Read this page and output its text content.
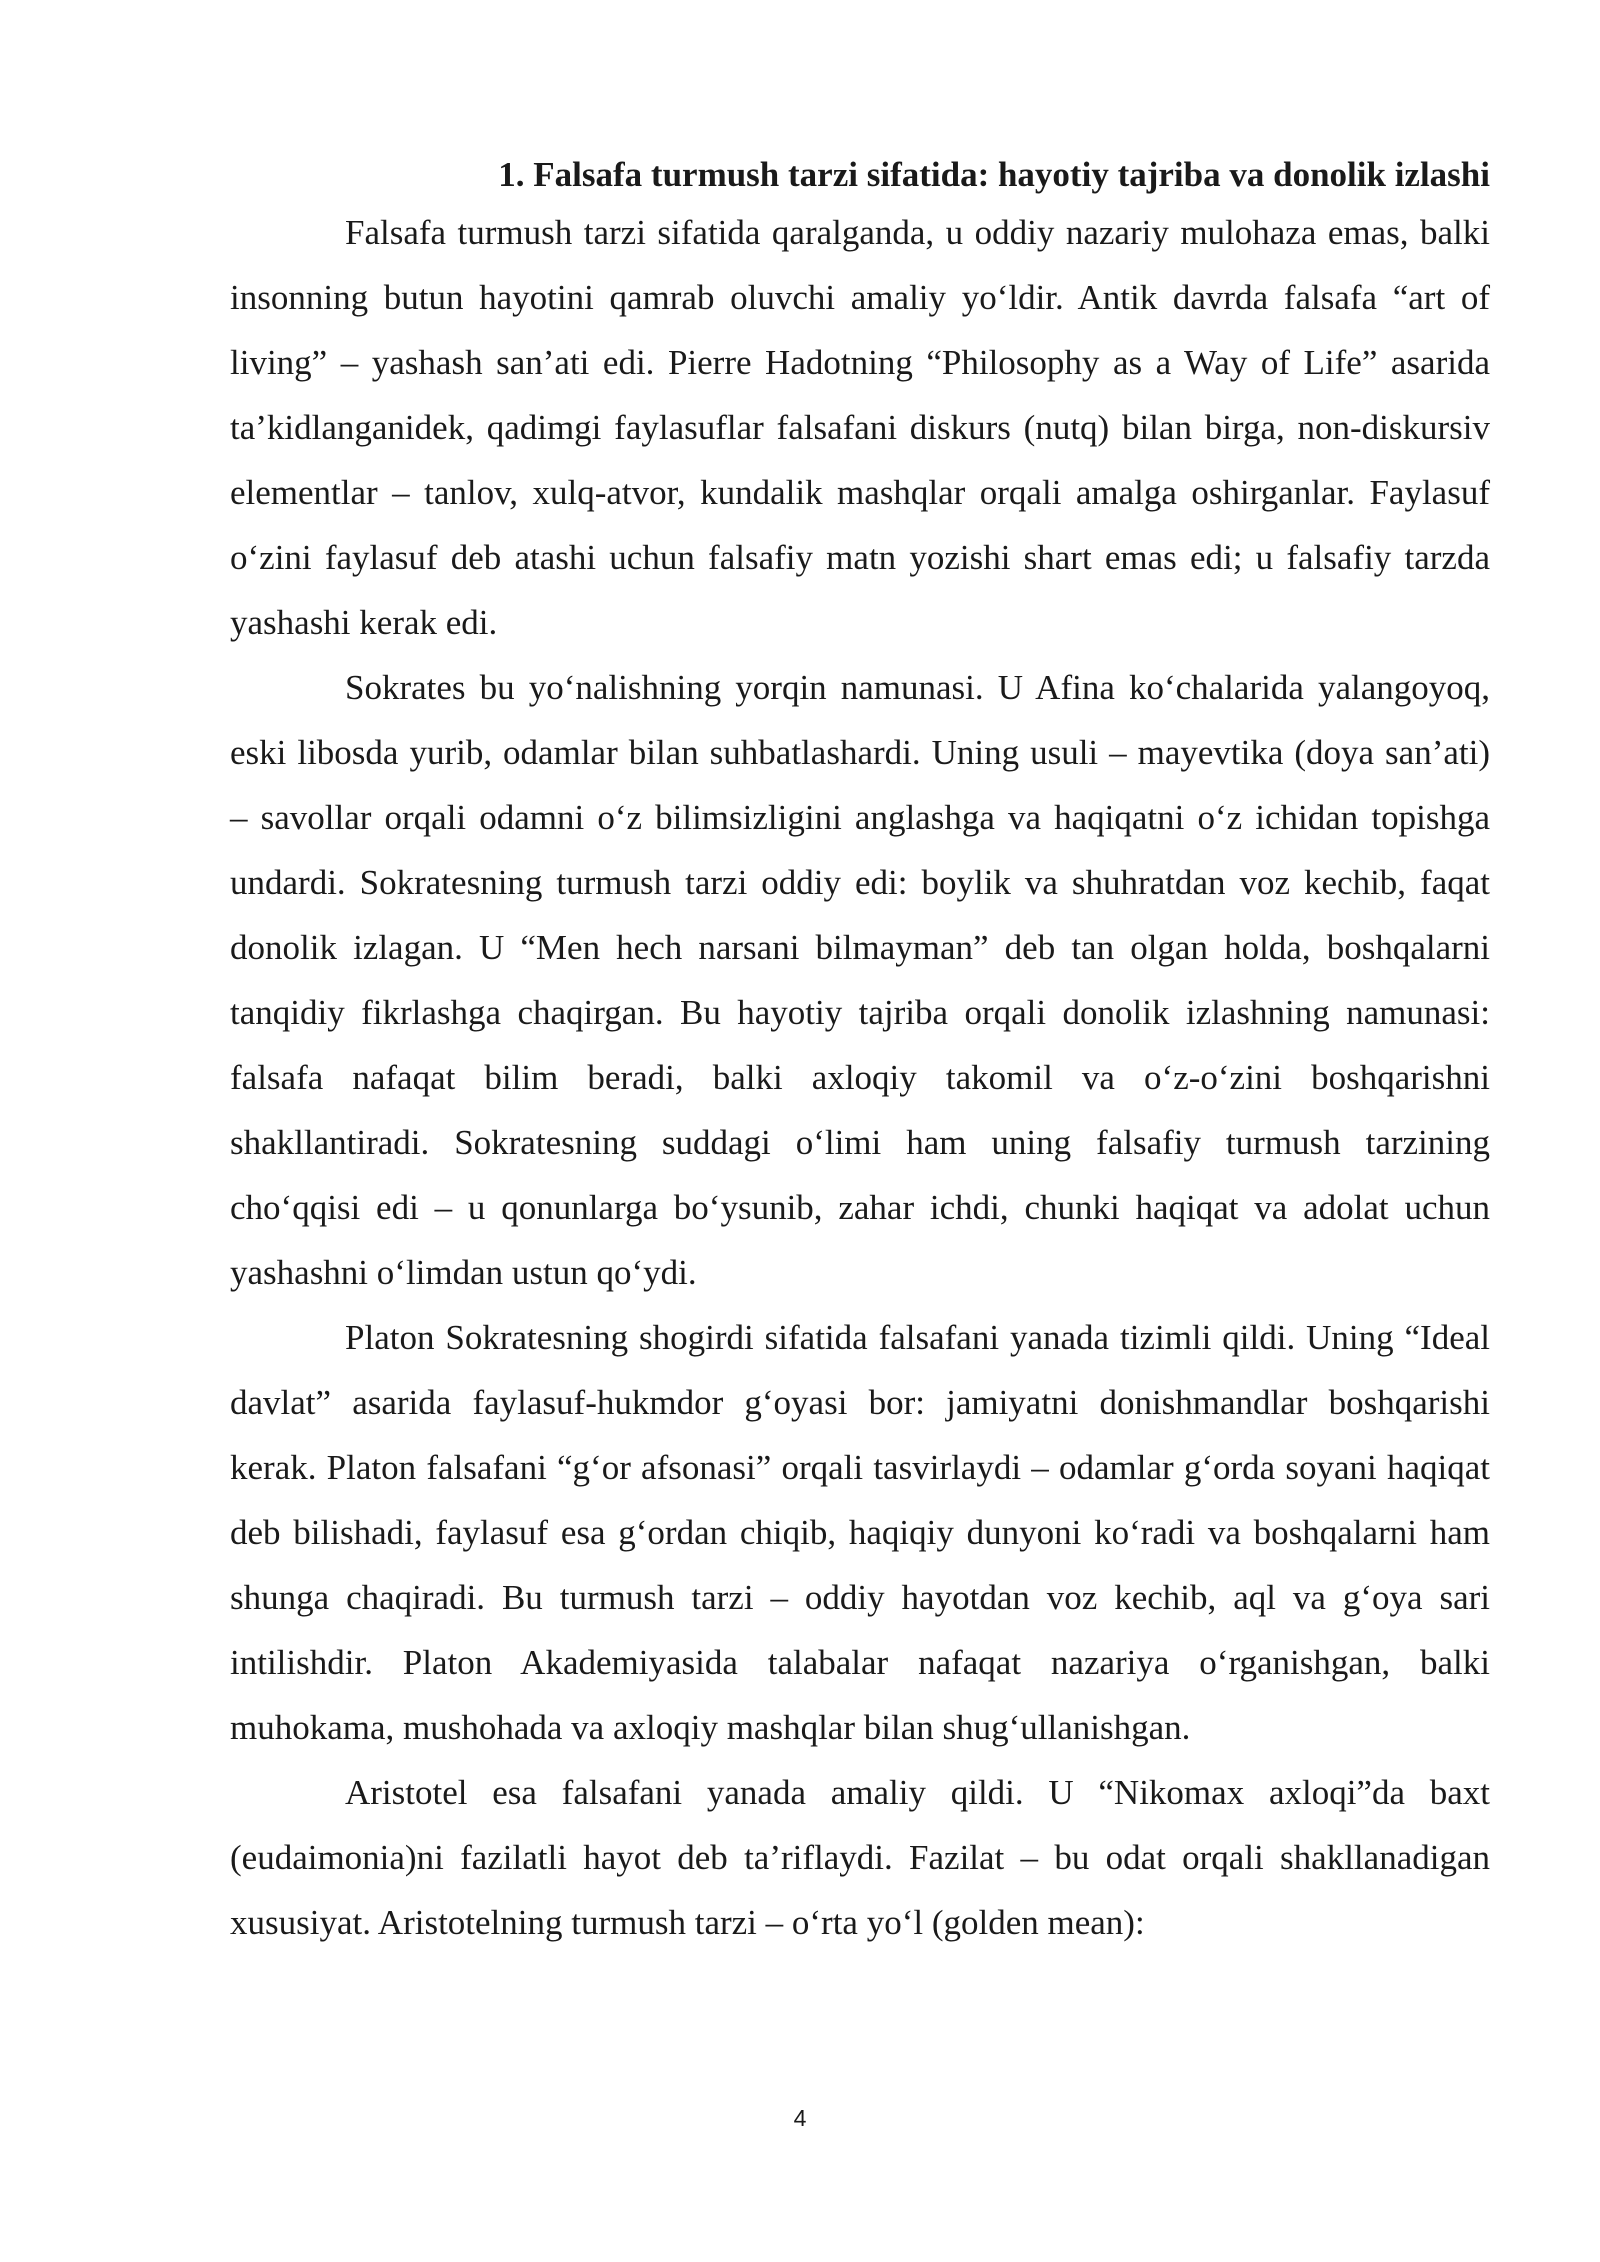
1. Falsafa turmush tarzi sifatida: hayotiy tajriba va donolik izlashi

Falsafa turmush tarzi sifatida qaralganda, u oddiy nazariy mulohaza emas, balki insonning butun hayotini qamrab oluvchi amaliy yo‘ldir. Antik davrda falsafa “art of living” – yashash san’ati edi. Pierre Hadotning “Philosophy as a Way of Life” asarida ta’kidlanganidek, qadimgi faylasuflar falsafani diskurs (nutq) bilan birga, non-diskursiv elementlar – tanlov, xulq-atvor, kundalik mashqlar orqali amalga oshirganlar. Faylasuf o‘zini faylasuf deb atashi uchun falsafiy matn yozishi shart emas edi; u falsafiy tarzda yashashi kerak edi.

Sokrates bu yo‘nalishning yorqin namunasi. U Afina ko‘chalarida yalangoyoq, eski libosda yurib, odamlar bilan suhbatlashardi. Uning usuli – mayevtika (doya san’ati) – savollar orqali odamni o‘z bilimsizligini anglashga va haqiqatni o‘z ichidan topishga undardi. Sokratesning turmush tarzi oddiy edi: boylik va shuhratdan voz kechib, faqat donolik izlagan. U “Men hech narsani bilmayman” deb tan olgan holda, boshqalarni tanqidiy fikrlashga chaqirgan. Bu hayotiy tajriba orqali donolik izlashning namunasi: falsafa nafaqat bilim beradi, balki axloqiy takomil va o‘z-o‘zini boshqarishni shakllantiradi. Sokratesning suddagi o‘limi ham uning falsafiy turmush tarzining cho‘qqisi edi – u qonunlarga bo‘ysunib, zahar ichdi, chunki haqiqat va adolat uchun yashashni o‘limdan ustun qo‘ydi.

Platon Sokratesning shogirdi sifatida falsafani yanada tizimli qildi. Uning “Ideal davlat” asarida faylasuf-hukmdor g‘oyasi bor: jamiyatni donishmandlar boshqarishi kerak. Platon falsafani “g‘or afsonasi” orqali tasvirlaydi – odamlar g‘orda soyani haqiqat deb bilishadi, faylasuf esa g‘ordan chiqib, haqiqiy dunyoni ko‘radi va boshqalarni ham shunga chaqiradi. Bu turmush tarzi – oddiy hayotdan voz kechib, aql va g‘oya sari intilishdir. Platon Akademiyasida talabalar nafaqat nazariya o‘rganishgan, balki muhokama, mushohada va axloqiy mashqlar bilan shug‘ullanishgan.

Aristotel esa falsafani yanada amaliy qildi. U “Nikomax axloqi”da baxt (eudaimonia)ni fazilatli hayot deb ta’riflaydi. Fazilat – bu odat orqali shakllanadigan xususiyat. Aristotelning turmush tarzi – o‘rta yo‘l (golden mean):

4
